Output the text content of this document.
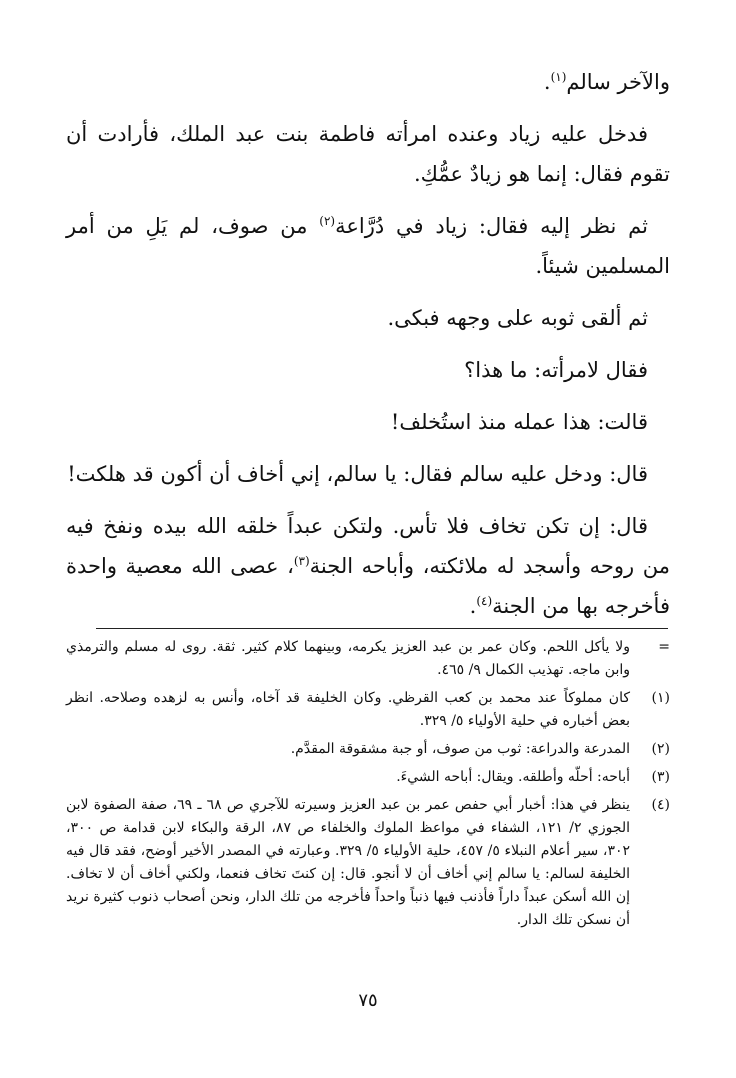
والآخر سالم$^{(١)}$.

فدخل عليه زياد وعنده امرأته فاطمة بنت عبد الملك، فأرادت أن تقوم فقال: إنما هو زيادٌ عمُّكِ.

ثم نظر إليه فقال: زياد في دُرَّاعة$^{(٢)}$ من صوف، لم يَلِ من أمر المسلمين شيئاً.

ثم ألقى ثوبه على وجهه فبكى.

فقال لامرأته: ما هذا؟

قالت: هذا عمله منذ استُخلف!

قال: ودخل عليه سالم فقال: يا سالم، إني أخاف أن أكون قد هلكت!

قال: إن تكن تخاف فلا تأس. ولتكن عبداً خلقه الله بيده ونفخ فيه من روحه وأسجد له ملائكته، وأباحه الجنة$^{(٣)}$، عصى الله معصية واحدة فأخرجه بها من الجنة$^{(٤)}$.

=
ولا يأكل اللحم. وكان عمر بن عبد العزيز يكرمه، وبينهما كلام كثير. ثقة. روى له مسلم والترمذي وابن ماجه. تهذيب الكمال ٩/ ٤٦٥.
(١)
كان مملوكاً عند محمد بن كعب القرظي. وكان الخليفة قد آخاه، وأنس به لزهده وصلاحه. انظر بعض أخباره في حلية الأولياء ٥/ ٣٢٩.
(٢)
المدرعة والدراعة: ثوب من صوف، أو جبة مشقوقة المقدَّم.
(٣)
أباحه: أحلّه وأطلقه. ويقال: أباحه الشيءَ.
(٤)
ينظر في هذا: أخبار أبي حفص عمر بن عبد العزيز وسيرته للآجري ص ٦٨ ـ ٦٩، صفة الصفوة لابن الجوزي ٢/ ١٢١، الشفاء في مواعظ الملوك والخلفاء ص ٨٧، الرقة والبكاء لابن قدامة ص ٣٠٠، ٣٠٢، سير أعلام النبلاء ٥/ ٤٥٧، حلية الأولياء ٥/ ٣٢٩. وعبارته في المصدر الأخير أوضح، فقد قال فيه الخليفة لسالم: يا سالم إني أخاف أن لا أنجو. قال: إن كنتَ تخاف فنعما، ولكني أخاف أن لا تخاف. إن الله أسكن عبداً داراً فأذنب فيها ذنباً واحداً فأخرجه من تلك الدار، ونحن أصحاب ذنوب كثيرة نريد أن نسكن تلك الدار.
٧٥
